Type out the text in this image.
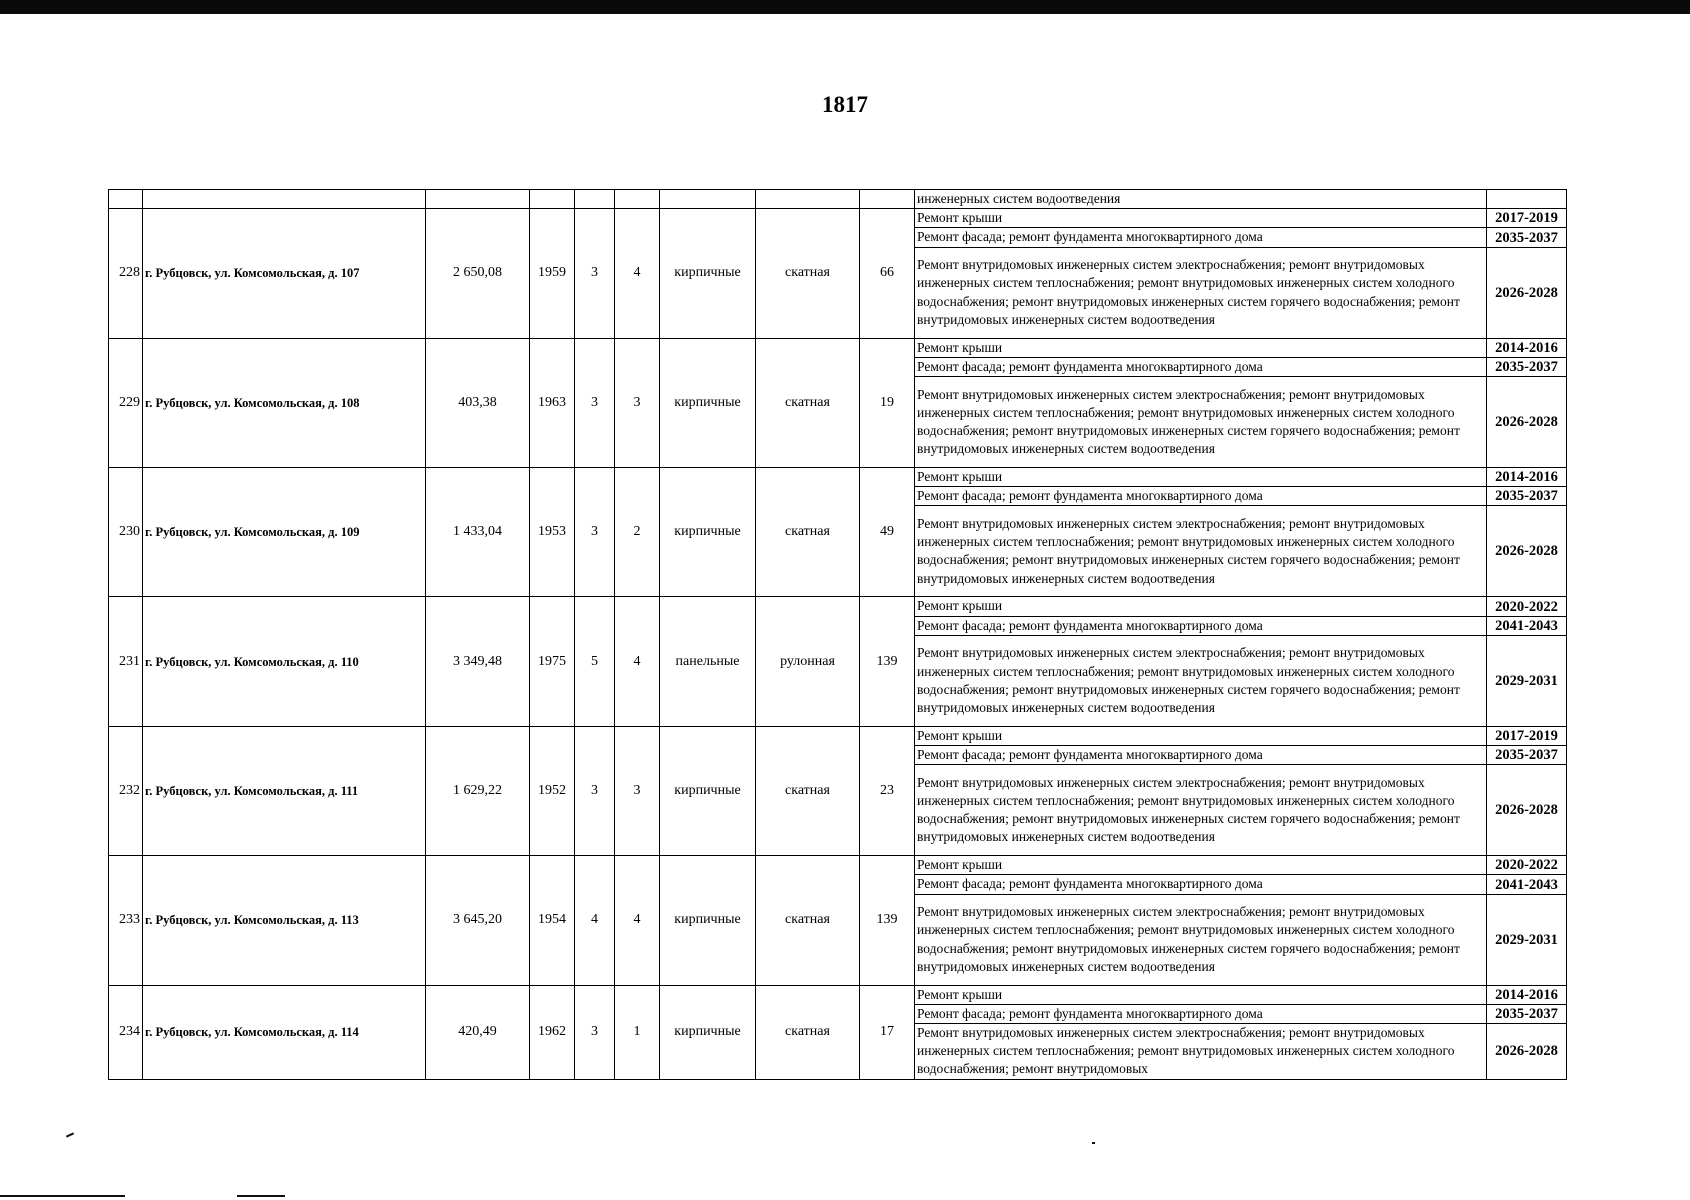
1817
									инженерных систем водоотведения	
228	г. Рубцовск, ул. Комсомольская, д. 107	2 650,08	1959	3	4	кирпичные	скатная	66	Ремонт крыши	2017-2019
									Ремонт фасада; ремонт фундамента многоквартирного дома	2035-2037
									Ремонт внутридомовых инженерных систем электроснабжения; ремонт внутридомовых инженерных систем теплоснабжения; ремонт внутридомовых инженерных систем холодного водоснабжения; ремонт внутридомовых инженерных систем горячего водоснабжения; ремонт внутридомовых инженерных систем водоотведения	2026-2028
229	г. Рубцовск, ул. Комсомольская, д. 108	403,38	1963	3	3	кирпичные	скатная	19	Ремонт крыши	2014-2016
									Ремонт фасада; ремонт фундамента многоквартирного дома	2035-2037
									Ремонт внутридомовых инженерных систем электроснабжения; ремонт внутридомовых инженерных систем теплоснабжения; ремонт внутридомовых инженерных систем холодного водоснабжения; ремонт внутридомовых инженерных систем горячего водоснабжения; ремонт внутридомовых инженерных систем водоотведения	2026-2028
230	г. Рубцовск, ул. Комсомольская, д. 109	1 433,04	1953	3	2	кирпичные	скатная	49	Ремонт крыши	2014-2016
									Ремонт фасада; ремонт фундамента многоквартирного дома	2035-2037
									Ремонт внутридомовых инженерных систем электроснабжения; ремонт внутридомовых инженерных систем теплоснабжения; ремонт внутридомовых инженерных систем холодного водоснабжения; ремонт внутридомовых инженерных систем горячего водоснабжения; ремонт внутридомовых инженерных систем водоотведения	2026-2028
231	г. Рубцовск, ул. Комсомольская, д. 110	3 349,48	1975	5	4	панельные	рулонная	139	Ремонт крыши	2020-2022
									Ремонт фасада; ремонт фундамента многоквартирного дома	2041-2043
									Ремонт внутридомовых инженерных систем электроснабжения; ремонт внутридомовых инженерных систем теплоснабжения; ремонт внутридомовых инженерных систем холодного водоснабжения; ремонт внутридомовых инженерных систем горячего водоснабжения; ремонт внутридомовых инженерных систем водоотведения	2029-2031
232	г. Рубцовск, ул. Комсомольская, д. 111	1 629,22	1952	3	3	кирпичные	скатная	23	Ремонт крыши	2017-2019
									Ремонт фасада; ремонт фундамента многоквартирного дома	2035-2037
									Ремонт внутридомовых инженерных систем электроснабжения; ремонт внутридомовых инженерных систем теплоснабжения; ремонт внутридомовых инженерных систем холодного водоснабжения; ремонт внутридомовых инженерных систем горячего водоснабжения; ремонт внутридомовых инженерных систем водоотведения	2026-2028
233	г. Рубцовск, ул. Комсомольская, д. 113	3 645,20	1954	4	4	кирпичные	скатная	139	Ремонт крыши	2020-2022
									Ремонт фасада; ремонт фундамента многоквартирного дома	2041-2043
									Ремонт внутридомовых инженерных систем электроснабжения; ремонт внутридомовых инженерных систем теплоснабжения; ремонт внутридомовых инженерных систем холодного водоснабжения; ремонт внутридомовых инженерных систем горячего водоснабжения; ремонт внутридомовых инженерных систем водоотведения	2029-2031
234	г. Рубцовск, ул. Комсомольская, д. 114	420,49	1962	3	1	кирпичные	скатная	17	Ремонт крыши	2014-2016
									Ремонт фасада; ремонт фундамента многоквартирного дома	2035-2037
									Ремонт внутридомовых инженерных систем электроснабжения; ремонт внутридомовых инженерных систем теплоснабжения; ремонт внутридомовых инженерных систем холодного водоснабжения; ремонт внутридомовых	2026-2028
